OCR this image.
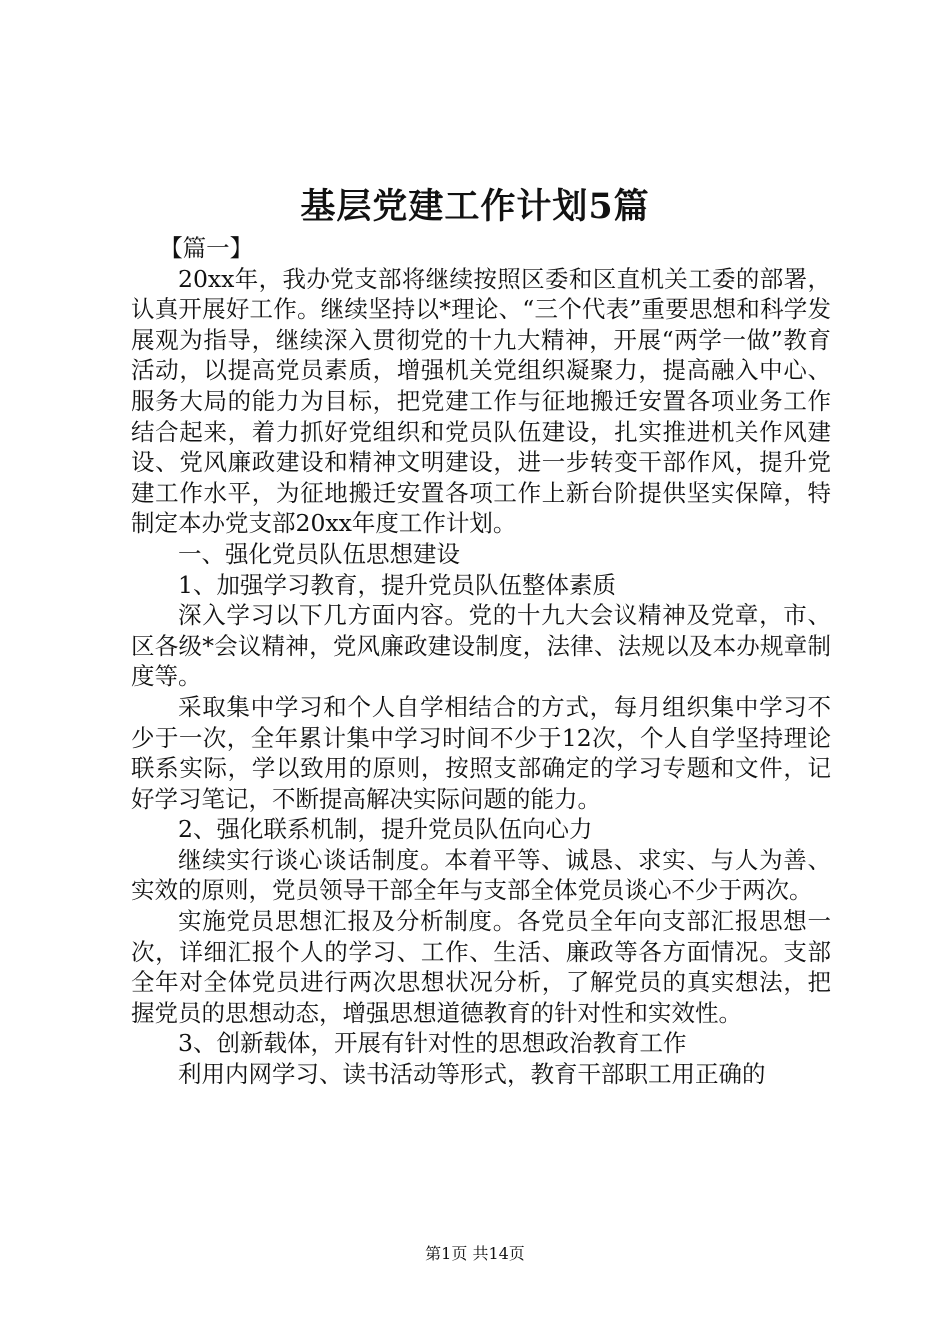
基层党建工作计划5篇

【篇一】

20xx年，我办党支部将继续按照区委和区直机关工委的部署，认真开展好工作。继续坚持以*理论、“三个代表”重要思想和科学发展观为指导，继续深入贯彻党的十九大精神，开展“两学一做”教育活动，以提高党员素质，增强机关党组织凝聚力，提高融入中心、服务大局的能力为目标，把党建工作与征地搬迁安置各项业务工作结合起来，着力抓好党组织和党员队伍建设，扎实推进机关作风建设、党风廉政建设和精神文明建设，进一步转变干部作风，提升党建工作水平，为征地搬迁安置各项工作上新台阶提供坚实保障，特制定本办党支部20xx年度工作计划。

一、强化党员队伍思想建设

1、加强学习教育，提升党员队伍整体素质

深入学习以下几方面内容。党的十九大会议精神及党章，市、区各级*会议精神，党风廉政建设制度，法律、法规以及本办规章制度等。

采取集中学习和个人自学相结合的方式，每月组织集中学习不少于一次，全年累计集中学习时间不少于12次，个人自学坚持理论联系实际，学以致用的原则，按照支部确定的学习专题和文件，记好学习笔记，不断提高解决实际问题的能力。

2、强化联系机制，提升党员队伍向心力

继续实行谈心谈话制度。本着平等、诚恳、求实、与人为善、实效的原则，党员领导干部全年与支部全体党员谈心不少于两次。

实施党员思想汇报及分析制度。各党员全年向支部汇报思想一次，详细汇报个人的学习、工作、生活、廉政等各方面情况。支部全年对全体党员进行两次思想状况分析，了解党员的真实想法，把握党员的思想动态，增强思想道德教育的针对性和实效性。

3、创新载体，开展有针对性的思想政治教育工作

利用内网学习、读书活动等形式，教育干部职工用正确的

第1页 共14页
